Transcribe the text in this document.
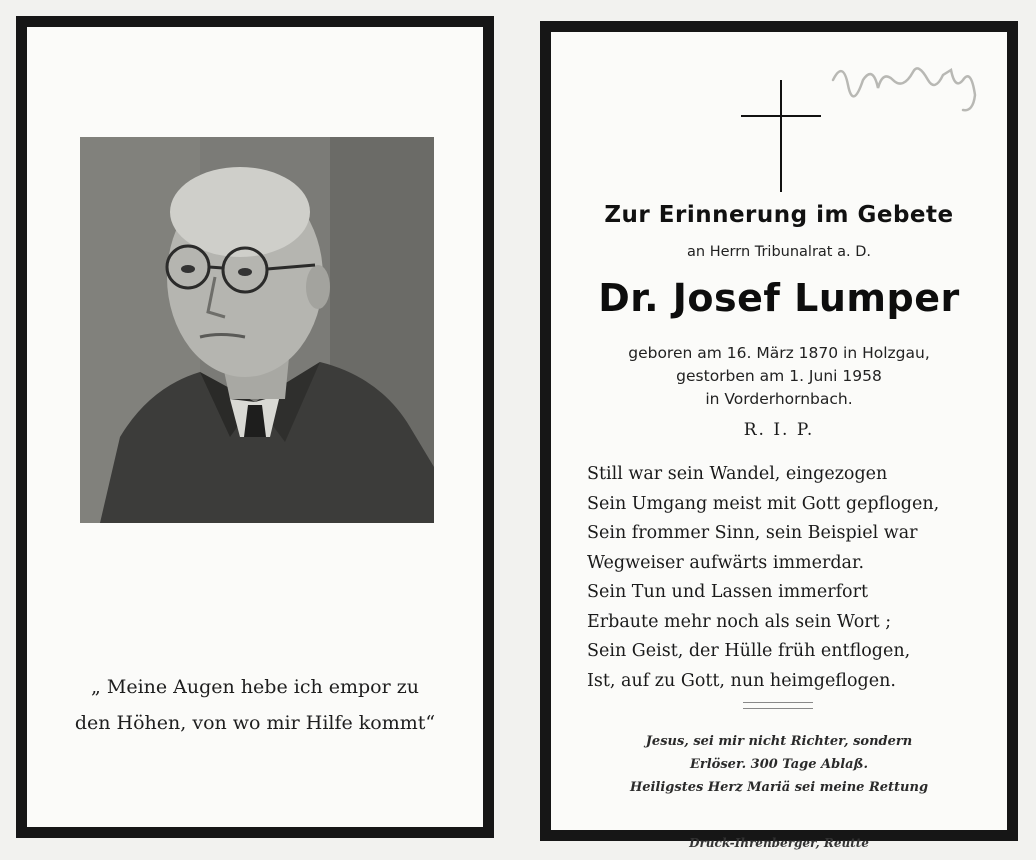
„ Meine Augen hebe ich empor zu
den Höhen, von wo mir Hilfe kommt“
Zur Erinnerung im Gebete
an Herrn Tribunalrat a. D.
Dr. Josef Lumper
geboren am 16. März 1870 in Holzgau,
gestorben am 1. Juni 1958
in Vorderhornbach.
R. I. P.
Still war sein Wandel, eingezogen
Sein Umgang meist mit Gott gepflogen,
Sein frommer Sinn, sein Beispiel war
Wegweiser aufwärts immerdar.
Sein Tun und Lassen immerfort
Erbaute mehr noch als sein Wort ;
Sein Geist, der Hülle früh entflogen,
Ist, auf zu Gott, nun heimgeflogen.
Jesus, sei mir nicht Richter, sondern
Erlöser. 300 Tage Ablaß.
Heiligstes Herz Mariä sei meine Rettung
Druck-Ihrenberger, Reutte
